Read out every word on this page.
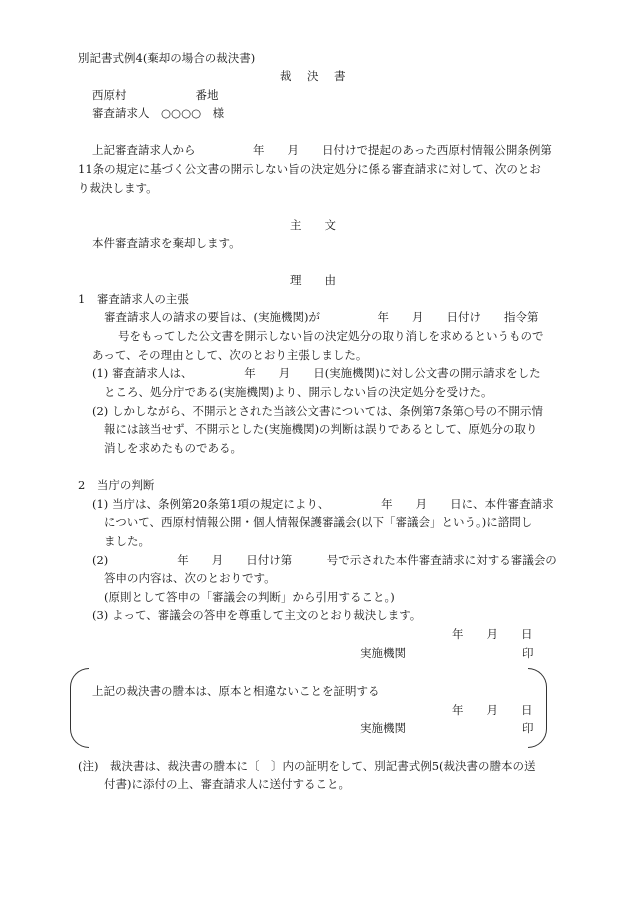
別記書式例4(棄却の場合の裁決書)
裁　決　書
西原村　　　　　　番地
審査請求人　○○○○　様
上記審査請求人から　　　　　年　　月　　日付けで提起のあった西原村情報公開条例第
11条の規定に基づく公文書の開示しない旨の決定処分に係る審査請求に対して、次のとお
り裁決します。
主　　文
本件審査請求を棄却します。
理　　由
1　審査請求人の主張
審査請求人の請求の要旨は、(実施機関)が　　　　　年　　月　　日付け　　指令第
号をもってした公文書を開示しない旨の決定処分の取り消しを求めるというもので
あって、その理由として、次のとおり主張しました。
(1) 審査請求人は、　　　　　年　　月　　日(実施機関)に対し公文書の開示請求をした
ところ、処分庁である(実施機関)より、開示しない旨の決定処分を受けた。
(2) しかしながら、不開示とされた当該公文書については、条例第7条第○号の不開示情
報には該当せず、不開示とした(実施機関)の判断は誤りであるとして、原処分の取り
消しを求めたものである。
2　当庁の判断
(1) 当庁は、条例第20条第1項の規定により、　　　　　年　　月　　日に、本件審査請求
について、西原村情報公開・個人情報保護審議会(以下「審議会」という。)に諮問し
ました。
(2)　　　　　　年　　月　　日付け第　　　号で示された本件審査請求に対する審議会の
答申の内容は、次のとおりです。
(原則として答申の「審議会の判断」から引用すること。)
(3) よって、審議会の答申を尊重して主文のとおり裁決します。
年　　月　　日
実施機関	印
上記の裁決書の謄本は、原本と相違ないことを証明する
年　　月　　日
実施機関	印
(注)　裁決書は、裁決書の謄本に〔　〕内の証明をして、別記書式例5(裁決書の謄本の送
付書)に添付の上、審査請求人に送付すること。
